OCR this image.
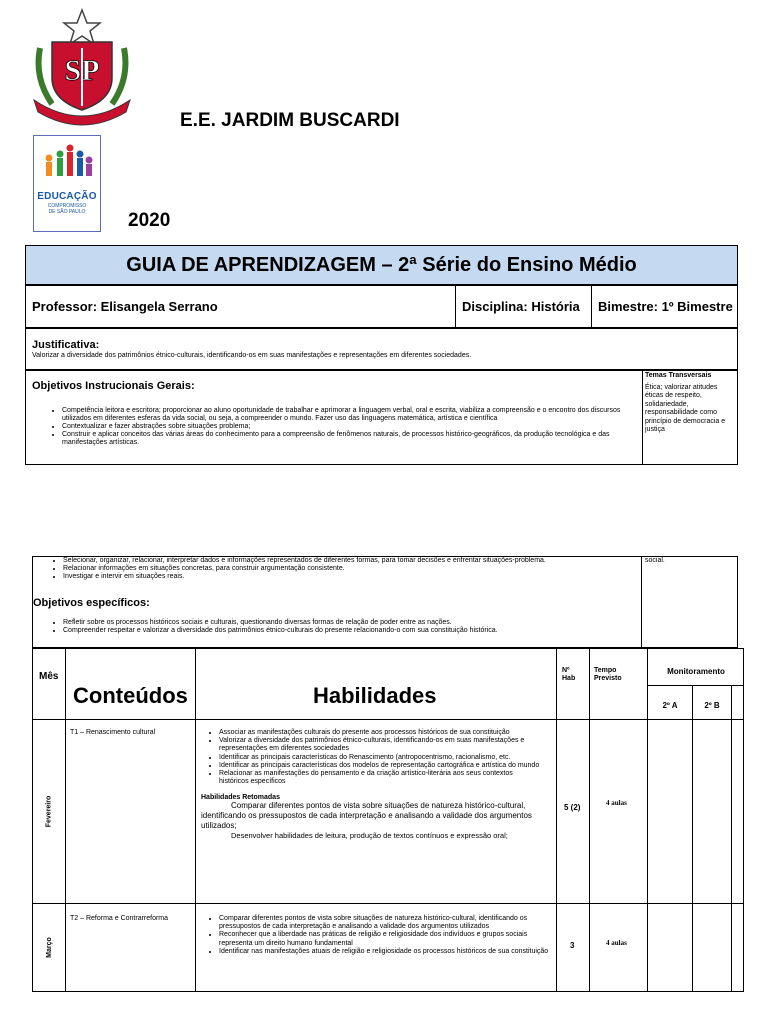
SP
EDUCAÇÃO
COMPROMISSO
DE SÃO PAULO
E.E. JARDIM BUSCARDI
2020
GUIA DE APRENDIZAGEM – 2ª Série do Ensino Médio
Professor: Elisangela Serrano	Disciplina: História	Bimestre: 1º Bimestre
Justificativa:
Valorizar a diversidade dos patrimônios étnico-culturais, identificando-os em suas manifestações e representações em diferentes sociedades.
Objetivos Instrucionais Gerais:
• Competência leitora e escritora; proporcionar ao aluno oportunidade de trabalhar e aprimorar a linguagem verbal, oral e escrita, viabiliza a compreensão e o encontro dos discursos utilizados em diferentes esferas da vida social, ou seja, a compreender o mundo. Fazer uso das linguagens matemática, artística e científica
• Contextualizar e fazer abstrações sobre situações problema;
• Construir e aplicar conceitos das várias áreas do conhecimento para a compreensão de fenômenos naturais, de processos histórico-geográficos, da produção tecnológica e das manifestações artísticas.
Temas Transversais
Ética; valorizar atitudes éticas de respeito, solidariedade, responsabilidade como princípio de democracia e justiça
• Selecionar, organizar, relacionar, interpretar dados e informações representados de diferentes formas, para tomar decisões e enfrentar situações-problema.
• Relacionar informações em situações concretas, para construir argumentação consistente.
• Investigar e intervir em situações reais.
Objetivos específicos:
• Refletir sobre os processos históricos sociais e culturais, questionando diversas formas de relação de poder entre as nações.
• Compreender respeitar e valorizar a diversidade dos patrimônios étnico-culturais do presente relacionando-o com sua constituição histórica.
social.
Mês
Conteúdos	Habilidades
Nº
Hab
Tempo
Previsto
Monitoramento
2º A	2º B
Fevereiro
T1 – Renascimento cultural	• Associar as manifestações culturais do presente aos processos históricos de sua constituição
• Valorizar a diversidade dos patrimônios étnico-culturais, identificando-os em suas manifestações e representações em diferentes sociedades
• Identificar as principais características do Renascimento (antropocentrismo, racionalismo, etc.
• Identificar as principais características dos modelos de representação cartográfica e artística do mundo
• Relacionar as manifestações do pensamento e da criação artístico-literária aos seus contextos históricos específicos
Habilidades Retomadas
Comparar diferentes pontos de vista sobre situações de natureza histórico-cultural, identificando os pressupostos de cada interpretação e analisando a validade dos argumentos utilizados;
Desenvolver habilidades de leitura, produção de textos contínuos e expressão oral;
5 (2)	4 aulas
Março
T2 – Reforma e Contrarreforma	• Comparar diferentes pontos de vista sobre situações de natureza histórico-cultural, identificando os pressupostos de cada interpretação e analisando a validade dos argumentos utilizados
• Reconhecer que a liberdade nas práticas de religião e religiosidade dos indivíduos e grupos sociais representa um direito humano fundamental
• Identificar nas manifestações atuais de religião e religiosidade os processos históricos de sua constituição
3	4 aulas
